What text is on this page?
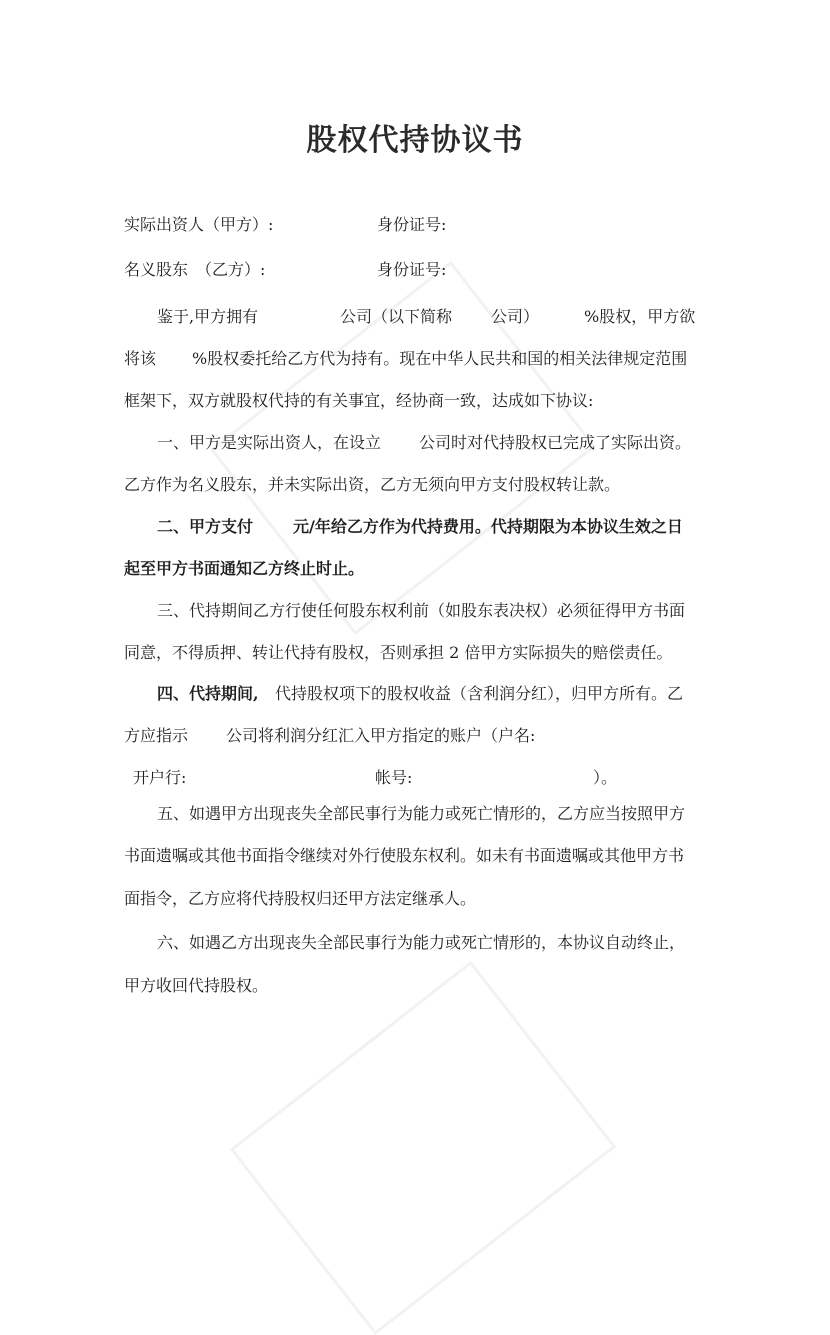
股权代持协议书
实际出资人（甲方）:	身份证号:
名义股东　（乙方）:	身份证号:
鉴于,甲方拥有	公司（以下简称 公司）	%股权，甲方欲
将该 %股权委托给乙方代为持有。现在中华人民共和国的相关法律规定范围
框架下，双方就股权代持的有关事宜，经协商一致，达成如下协议:
一、甲方是实际出资人，在设立 公司时对代持股权已完成了实际出资。
乙方作为名义股东，并未实际出资，乙方无须向甲方支付股权转让款。
二、甲方支付 元/年给乙方作为代持费用。代持期限为本协议生效之日
起至甲方书面通知乙方终止时止。
三、代持期间乙方行使任何股东权利前（如股东表决权）必须征得甲方书面
同意，不得质押、转让代持有股权，否则承担 2 倍甲方实际损失的赔偿责任。
四、代持期间, 代持股权项下的股权收益（含利润分红），归甲方所有。乙
方应指示 公司将利润分红汇入甲方指定的账户（户名:
开户行:	帐号:	）。
五、如遇甲方出现丧失全部民事行为能力或死亡情形的，乙方应当按照甲方
书面遗嘱或其他书面指令继续对外行使股东权利。如未有书面遗嘱或其他甲方书
面指令，乙方应将代持股权归还甲方法定继承人。
六、如遇乙方出现丧失全部民事行为能力或死亡情形的，本协议自动终止，
甲方收回代持股权。
